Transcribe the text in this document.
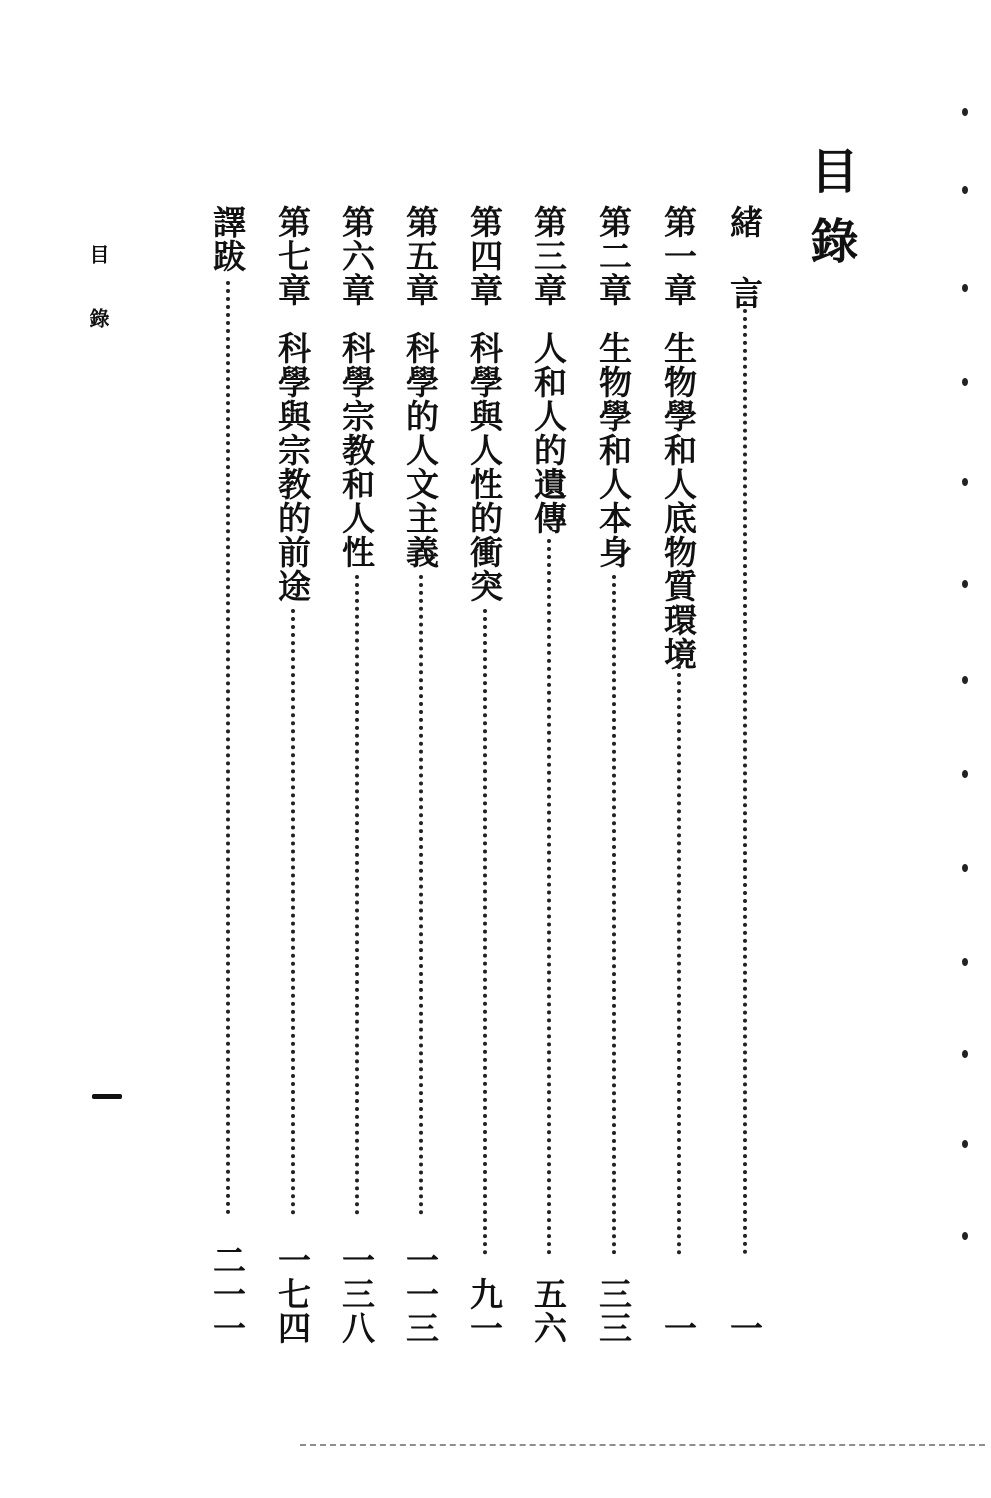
目錄
目錄	緒言
一
第一章
生物學和人底物質環境
一
第二章
生物學和人本身
三三
第三章
人和人的遺傳
五六
第四章
科學與人性的衝突
九一
第五章
科學的人文主義
一一三
第六章
科學宗教和人性
一三八
第七章
科學與宗教的前途
一七四
譯跋
二一一
